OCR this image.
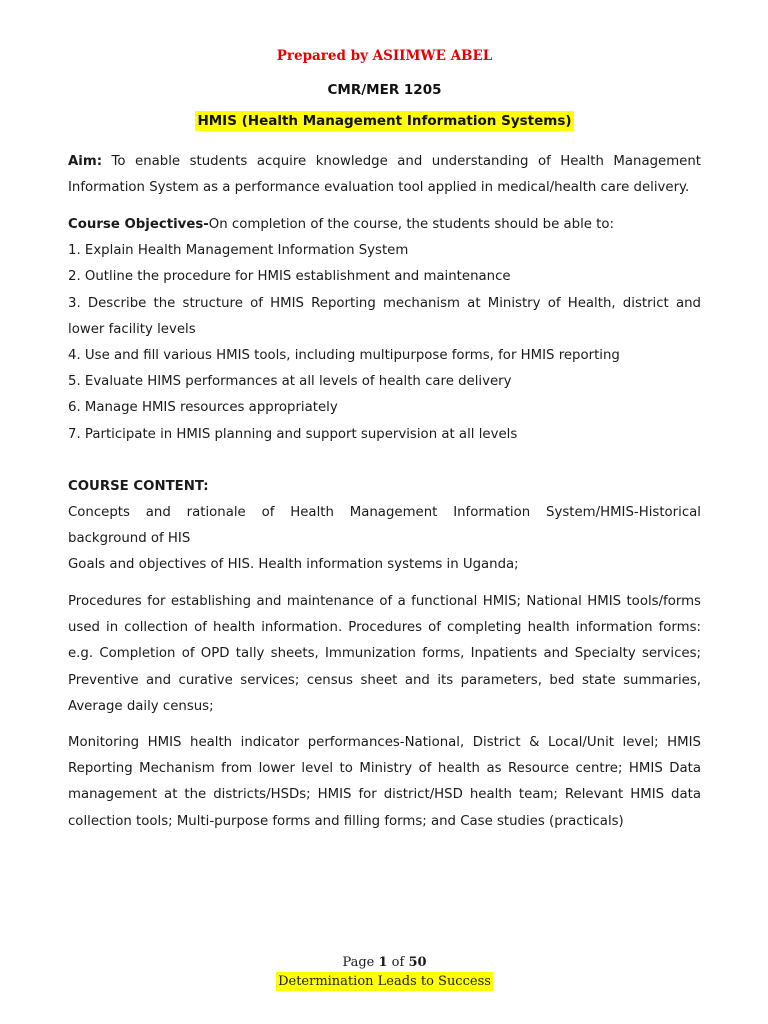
Prepared by ASIIMWE ABEL
CMR/MER 1205
HMIS (Health Management Information Systems)

Aim: To enable students acquire knowledge and understanding of Health Management Information System as a performance evaluation tool applied in medical/health care delivery.

Course Objectives-On completion of the course, the students should be able to:

1. Explain Health Management Information System
2. Outline the procedure for HMIS establishment and maintenance
3. Describe the structure of HMIS Reporting mechanism at Ministry of Health, district and lower facility levels
4. Use and fill various HMIS tools, including multipurpose forms, for HMIS reporting
5. Evaluate HIMS performances at all levels of health care delivery
6. Manage HMIS resources appropriately
7. Participate in HMIS planning and support supervision at all levels
COURSE CONTENT:

Concepts and rationale of Health Management Information System/HMIS-Historical background of HIS

Goals and objectives of HIS. Health information systems in Uganda;

Procedures for establishing and maintenance of a functional HMIS; National HMIS tools/forms used in collection of health information. Procedures of completing health information forms: e.g. Completion of OPD tally sheets, Immunization forms, Inpatients and Specialty services; Preventive and curative services; census sheet and its parameters, bed state summaries, Average daily census;

Monitoring HMIS health indicator performances-National, District & Local/Unit level; HMIS Reporting Mechanism from lower level to Ministry of health as Resource centre; HMIS Data management at the districts/HSDs; HMIS for district/HSD health team; Relevant HMIS data collection tools; Multi-purpose forms and filling forms; and Case studies (practicals)

Page 1 of 50
Determination Leads to Success
